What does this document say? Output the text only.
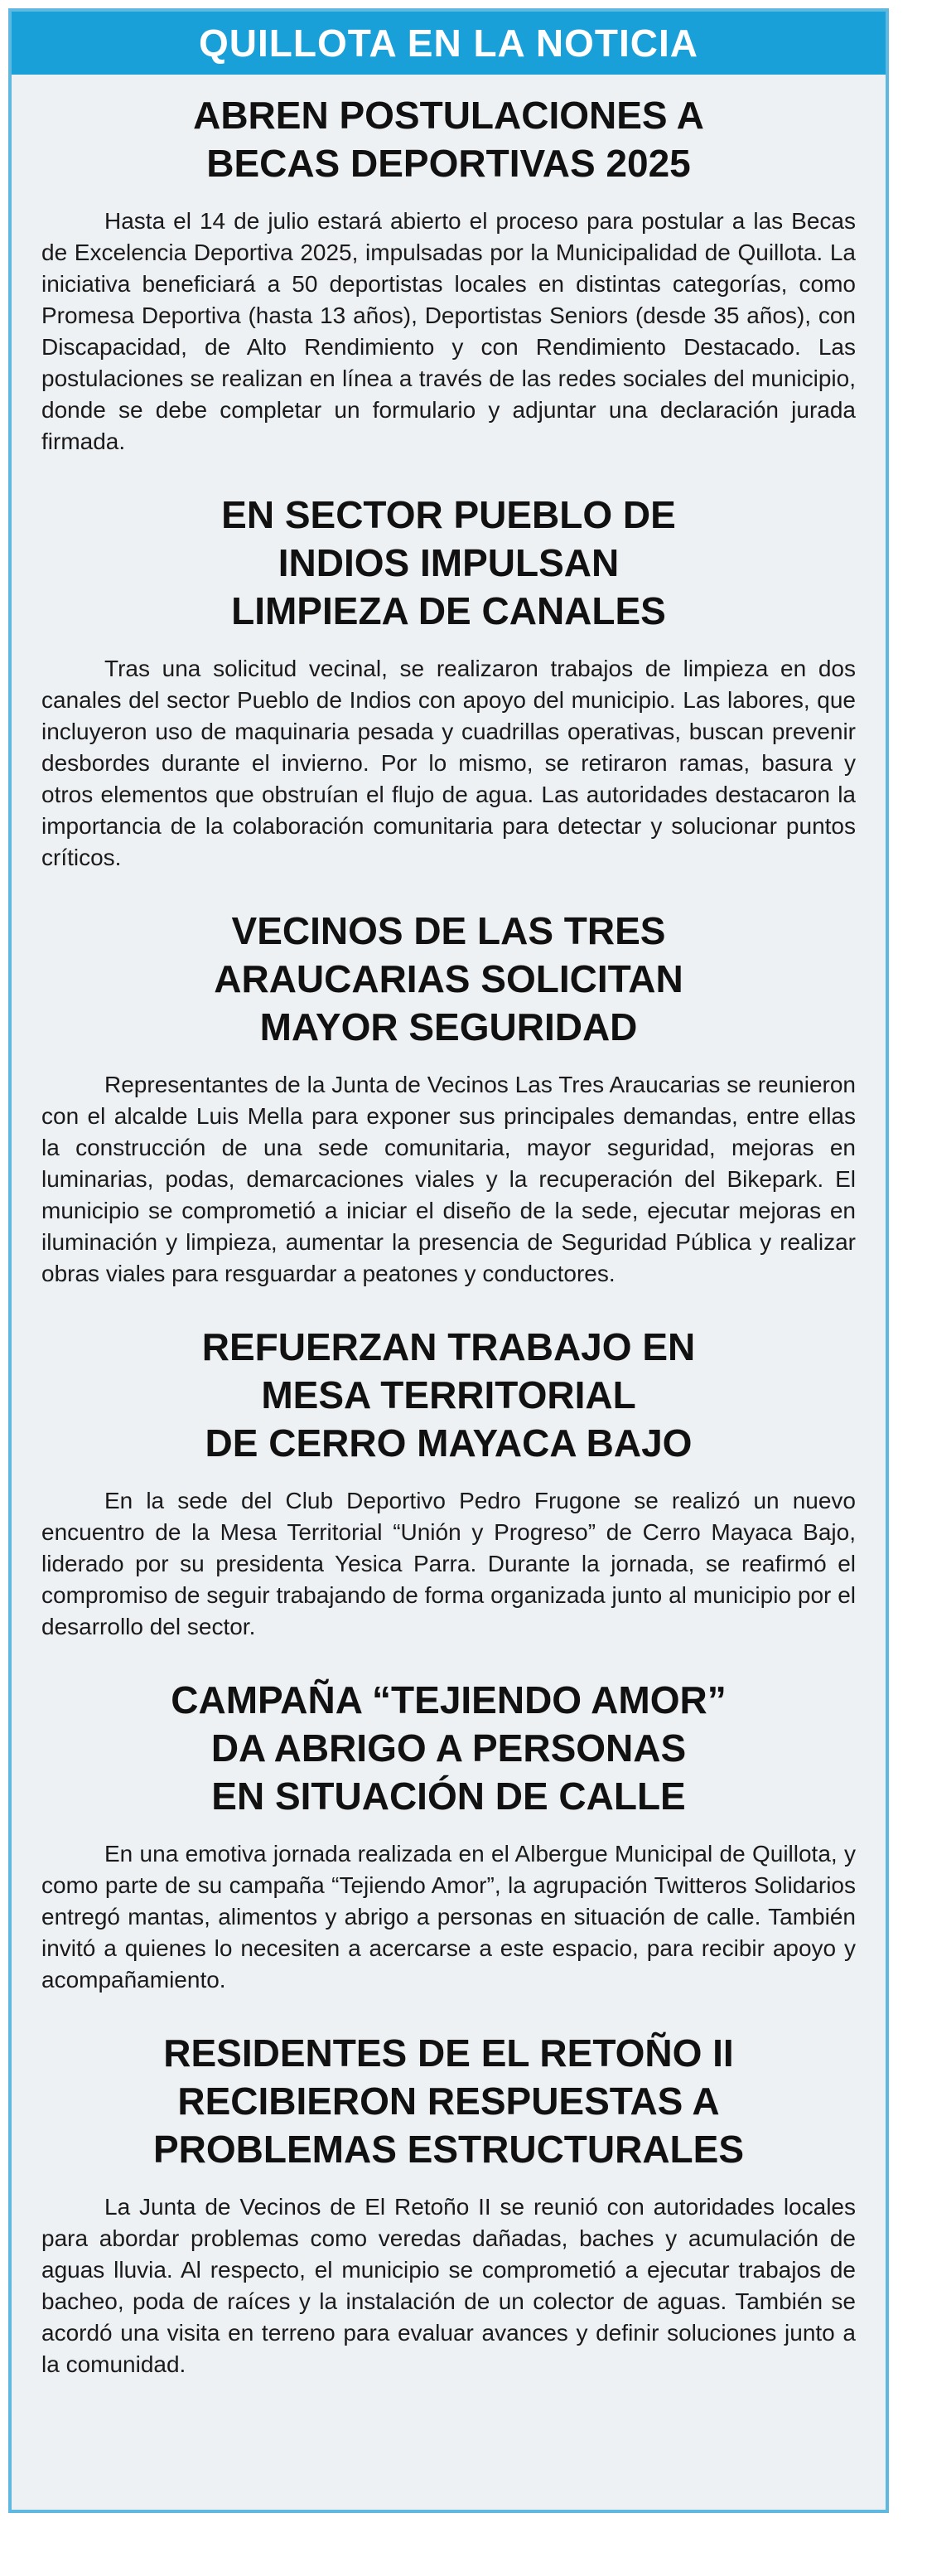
QUILLOTA EN LA NOTICIA
ABREN POSTULACIONES A
BECAS DEPORTIVAS 2025

Hasta el 14 de julio estará abierto el proceso para postular a las Becas de Excelencia Deportiva 2025, impulsadas por la Municipalidad de Quillota. La iniciativa beneficiará a 50 deportistas locales en distintas categorías, como Promesa Deportiva (hasta 13 años), Deportistas Seniors (desde 35 años), con Discapacidad, de Alto Rendimiento y con Rendimiento Destacado. Las postulaciones se realizan en línea a través de las redes sociales del municipio, donde se debe completar un formulario y adjuntar una declaración jurada firmada.

EN SECTOR PUEBLO DE
INDIOS IMPULSAN
LIMPIEZA DE CANALES

Tras una solicitud vecinal, se realizaron trabajos de limpieza en dos canales del sector Pueblo de Indios con apoyo del municipio. Las labores, que incluyeron uso de maquinaria pesada y cuadrillas operativas, buscan prevenir desbordes durante el invierno. Por lo mismo, se retiraron ramas, basura y otros elementos que obstruían el flujo de agua. Las autoridades destacaron la importancia de la colaboración comunitaria para detectar y solucionar puntos críticos.

VECINOS DE LAS TRES
ARAUCARIAS SOLICITAN
MAYOR SEGURIDAD

Representantes de la Junta de Vecinos Las Tres Araucarias se reunieron con el alcalde Luis Mella para exponer sus principales demandas, entre ellas la construcción de una sede comunitaria, mayor seguridad, mejoras en luminarias, podas, demarcaciones viales y la recuperación del Bikepark. El municipio se comprometió a iniciar el diseño de la sede, ejecutar mejoras en iluminación y limpieza, aumentar la presencia de Seguridad Pública y realizar obras viales para resguardar a peatones y conductores.

REFUERZAN TRABAJO EN
MESA TERRITORIAL
DE CERRO MAYACA BAJO

En la sede del Club Deportivo Pedro Frugone se realizó un nuevo encuentro de la Mesa Territorial “Unión y Progreso” de Cerro Mayaca Bajo, liderado por su presidenta Yesica Parra. Durante la jornada, se reafirmó el compromiso de seguir trabajando de forma organizada junto al municipio por el desarrollo del sector.

CAMPAÑA “TEJIENDO AMOR”
DA ABRIGO A PERSONAS
EN SITUACIÓN DE CALLE

En una emotiva jornada realizada en el Albergue Municipal de Quillota, y como parte de su campaña “Tejiendo Amor”, la agrupación Twitteros Solidarios entregó mantas, alimentos y abrigo a personas en situación de calle. También invitó a quienes lo necesiten a acercarse a este espacio, para recibir apoyo y acompañamiento.

RESIDENTES DE EL RETOÑO II
RECIBIERON RESPUESTAS A
PROBLEMAS ESTRUCTURALES

La Junta de Vecinos de El Retoño II se reunió con autoridades locales para abordar problemas como veredas dañadas, baches y acumulación de aguas lluvia. Al respecto, el municipio se comprometió a ejecutar trabajos de bacheo, poda de raíces y la instalación de un colector de aguas. También se acordó una visita en terreno para evaluar avances y definir soluciones junto a la comunidad.
